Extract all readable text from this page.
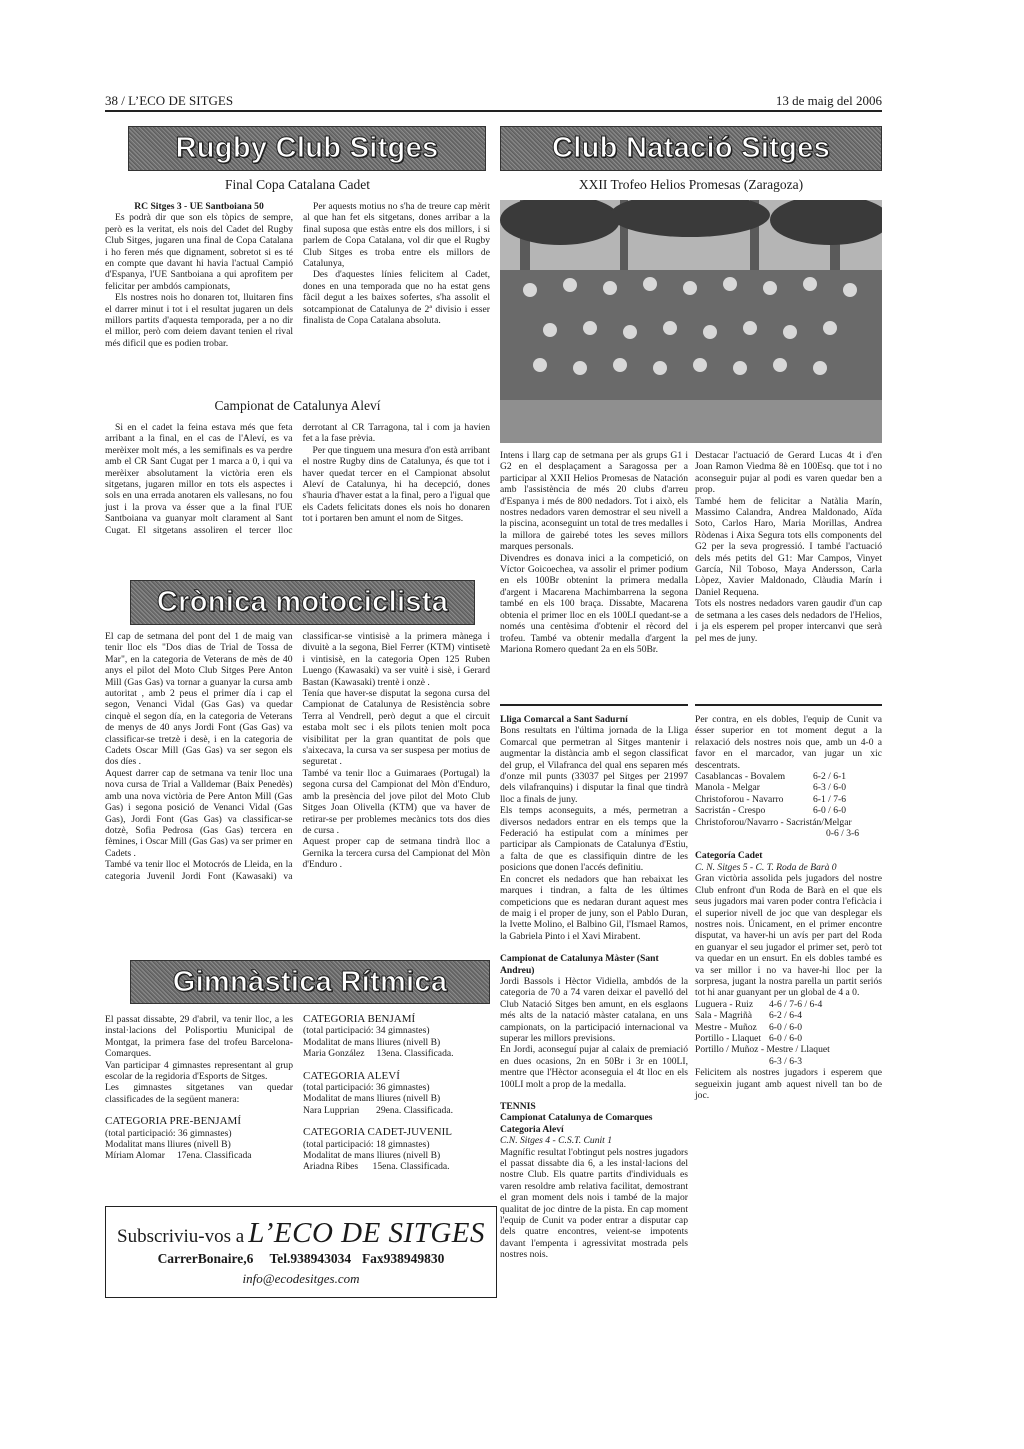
38 / L’ECO DE SITGES	13 de maig del 2006
Rugby Club Sitges
Final Copa Catalana Cadet

RC Sitges 3 - UE Santboiana 50

Es podrà dir que son els tòpics de sempre, però es la veritat, els nois del Cadet del Rugby Club Sitges, jugaren una final de Copa Catalana i ho feren més que dignament, sobretot si es té en compte que davant hi havia l'actual Campió d'Espanya, l'UE Santboiana a qui aprofitem per felicitar per ambdós campionats,

Els nostres nois ho donaren tot, lluitaren fins el darrer minut i tot i el resultat jugaren un dels millors partits d'aquesta temporada, per a no dir el millor, però com deiem davant tenien el rival més dificil que es podien trobar.

Per aquests motius no s'ha de treure cap mèrit al que han fet els sitgetans, dones arribar a la final suposa que estàs entre els dos millors, i si parlem de Copa Catalana, vol dir que el Rugby Club Sitges es troba entre els millors de Catalunya,

Des d'aquestes línies felicitem al Cadet, dones en una temporada que no ha estat gens fàcil degut a les baixes sofertes, s'ha assolit el sotcampionat de Catalunya de 2ª divisio i esser finalista de Copa Catalana absoluta.

Campionat de Catalunya Aleví

Si en el cadet la feina estava més que feta arribant a la final, en el cas de l'Aleví, es va merèixer molt més, a les semifinals es va perdre amb el CR Sant Cugat per 1 marca a 0, i qui va merèixer absolutament la victòria eren els sitgetans, jugaren millor en tots els aspectes i sols en una errada anotaren els vallesans, no fou just i la prova va ésser que a la final l'UE Santboiana va guanyar molt clarament al Sant Cugat. El sitgetans assoliren el tercer lloc derrotant al CR Tarragona, tal i com ja havien fet a la fase prèvia.

Per que tinguem una mesura d'on està arribant el nostre Rugby dins de Catalunya, és que tot i haver quedat tercer en el Campionat absolut Aleví de Catalunya, hi ha decepció, dones s'hauria d'haver estat a la final, pero a l'igual que els Cadets felicitats dones els nois ho donaren tot i portaren ben amunt el nom de Sitges.

Crònica motociclista

El cap de setmana del pont del 1 de maig van tenir lloc els "Dos dias de Trial de Tossa de Mar", en la categoria de Veterans de mès de 40 anys el pilot del Moto Club Sitges Pere Anton Mill (Gas Gas) va tornar a guanyar la cursa amb autoritat , amb 2 peus el primer día i cap el segon, Venanci Vidal (Gas Gas) va quedar cinquè el segon día, en la categoria de Veterans de menys de 40 anys Jordi Font (Gas Gas) va classificar-se tretzè i desè, i en la categoria de Cadets Oscar Mill (Gas Gas) va ser segon els dos díes .

Aquest darrer cap de setmana va tenir lloc una nova cursa de Trial a Valldemar (Baix Penedès) amb una nova victòria de Pere Anton Mill (Gas Gas) i segona posició de Venanci Vidal (Gas Gas), Jordi Font (Gas Gas) va classificar-se dotzè, Sofia Pedrosa (Gas Gas) tercera en fèmines, i Oscar Mill (Gas Gas) va ser primer en Cadets .

També va tenir lloc el Motocrós de Lleida, en la categoria Juvenil Jordi Font (Kawasaki) va classificar-se vintisisè a la primera mànega i divuitè a la segona, Biel Ferrer (KTM) vintisetè i vintisisè, en la categoria Open 125 Ruben Luengo (Kawasaki) va ser vuitè i sisè, i Gerard Bastan (Kawasaki) trentè i onzè .

Tenía que haver-se disputat la segona cursa del Campionat de Catalunya de Resistència sobre Terra al Vendrell, però degut a que el circuit estaba molt sec i els pilots tenien molt poca visibilitat per la gran quantitat de pols que s'aixecava, la cursa va ser suspesa per motius de seguretat .

També va tenir lloc a Guimaraes (Portugal) la segona cursa del Campionat del Mòn d'Enduro, amb la presència del jove pilot del Moto Club Sitges Joan Olivella (KTM) que va haver de retirar-se per problemes mecànics tots dos dies de cursa .

Aquest proper cap de setmana tindrà lloc a Gernika la tercera cursa del Campionat del Mòn d'Enduro .

Gimnàstica Rítmica

El passat dissabte, 29 d'abril, va tenir lloc, a les instal·lacions del Polisportiu Municipal de Montgat, la primera fase del trofeu Barcelona- Comarques.

Van participar 4 gimnastes representant al grup escolar de la regidoria d'Esports de Sitges.

Les gimnastes sitgetanes van quedar classificades de la següent manera:

CATEGORIA PRE-BENJAMÍ

(total participació: 36 gimnastes)

Modalitat mans lliures (nivell B)

Míriam Alomar 17ena. Classificada

CATEGORIA BENJAMÍ

(total participació: 34 gimnastes)

Modalitat de mans lliures (nivell B)

Maria González 13ena. Classificada.

CATEGORIA ALEVÍ

(total participació: 36 gimnastes)

Modalitat de mans lliures (nivell B)

Nara Lupprian 29ena. Classificada.

CATEGORIA CADET-JUVENIL

(total participació: 18 gimnastes)

Modalitat de mans lliures (nivell B)

Ariadna Ribes 15ena. Classificada.

Subscriviu-vos a L’ECO DE SITGES
CarrerBonaire,6 Tel.938943034 Fax938949830
info@ecodesitges.com
Club Natació Sitges
XXII Trofeo Helios Promesas (Zaragoza)

Intens i llarg cap de setmana per als grups G1 i G2 en el desplaçament a Saragossa per a participar al XXII Helios Promesas de Natación amb l'assistència de més 20 clubs d'arreu d'Espanya i més de 800 nedadors. Tot i això, els nostres nedadors varen demostrar el seu nivell a la piscina, aconseguint un total de tres medalles i la millora de gairebé totes les seves millors marques personals.

Divendres es donava inici a la competició, on Víctor Goicoechea, va assolir el primer podium en els 100Br obtenint la primera medalla d'argent i Macarena Machimbarrena la segona també en els 100 braça. Dissabte, Macarena obtenia el primer lloc en els 100LI quedant-se a només una centèsima d'obtenir el rècord del trofeu. També va obtenir medalla d'argent la Mariona Romero quedant 2a en els 50Br.

Destacar l'actuació de Gerard Lucas 4t i d'en Joan Ramon Viedma 8è en 100Esq. que tot i no aconseguir pujar al podi es varen quedar ben a prop.

També hem de felicitar a Natàlia Marín, Massimo Calandra, Andrea Maldonado, Aïda Soto, Carlos Haro, Maria Morillas, Andrea Ròdenas i Aixa Segura tots ells components del G2 per la seva progressió. I també l'actuació dels més petits del G1: Mar Campos, Vinyet García, Nil Toboso, Maya Andersson, Carla Lòpez, Xavier Maldonado, Clàudia Marín i Daniel Requena.

Tots els nostres nedadors varen gaudir d'un cap de setmana a les cases dels nedadors de l'Helios, i ja els esperem pel proper intercanvi que serà pel mes de juny.

Lliga Comarcal a Sant Sadurní

Bons resultats en l'última jornada de la Lliga Comarcal que permetran al Sitges mantenir i augmentar la distància amb el segon classificat del grup, el Vilafranca del qual ens separen més d'onze mil punts (33037 pel Sitges per 21997 dels vilafranquins) i disputar la final que tindrà lloc a finals de juny.

Els temps aconseguits, a més, permetran a diversos nedadors entrar en els temps que la Federació ha estipulat com a mínimes per participar als Campionats de Catalunya d'Estiu, a falta de que es classifiquin dintre de les posicions que donen l'accés definitiu.

En concret els nedadors que han rebaixat les marques i tindran, a falta de les últimes competicions que es nedaran durant aquest mes de maig i el proper de juny, son el Pablo Duran, la Ivette Molino, el Balbino Gil, l'Ismael Ramos, la Gabriela Pinto i el Xavi Mirabent.

Campionat de Catalunya Màster (Sant Andreu)

Jordi Bassols i Hèctor Vidiella, ambdós de la categoria de 70 a 74 varen deixar el pavelló del Club Natació Sitges ben amunt, en els esglaons més alts de la natació màster catalana, en uns campionats, on la participació internacional va superar les millors previsions.

En Jordi, aconseguí pujar al calaix de premiació en dues ocasions, 2n en 50Br i 3r en 100LI, mentre que l'Hèctor aconseguia el 4t lloc en els 100LI molt a prop de la medalla.

TENNIS

Campionat Catalunya de Comarques

Categoria Aleví

C.N. Sitges 4 - C.S.T. Cunit 1

Magnífic resultat l'obtingut pels nostres jugadors el passat dissabte dia 6, a les instal·lacions del nostre Club. Els quatre partits d'individuals es varen resoldre amb relativa facilitat, demostrant el gran moment dels nois i també de la major qualitat de joc dintre de la pista. En cap moment l'equip de Cunit va poder entrar a disputar cap dels quatre encontres, veient-se impotents davant l'empenta i agressivitat mostrada pels nostres nois.

Per contra, en els dobles, l'equip de Cunit va ésser superior en tot moment degut a la relaxació dels nostres nois que, amb un 4-0 a favor en el marcador, van jugar un xic descentrats.

Casablancas - Bovalem	6-2 / 6-1
Manola - Melgar	6-3 / 6-0
Christoforou - Navarro	6-1 / 7-6
Sacristán - Crespo	6-0 / 6-0
Christoforou/Navarro - Sacristán/Melgar
0-6 / 3-6

Categoría Cadet

C. N. Sitges 5 - C. T. Roda de Barà 0

Gran victòria assolida pels jugadors del nostre Club enfront d'un Roda de Barà en el que els seus jugadors mai varen poder contra l'eficàcia i el superior nivell de joc que van desplegar els nostres nois. Únicament, en el primer encontre disputat, va haver-hi un avís per part del Roda en guanyar el seu jugador el primer set, però tot va quedar en un ensurt. En els dobles també es va ser millor i no va haver-hi lloc per la sorpresa, jugant la nostra parella un partit seriós tot hi anar guanyant per un global de 4 a 0.

Luguera - Ruiz	4-6 / 7-6 / 6-4
Sala - Magriñà	6-2 / 6-4
Mestre - Muñoz	6-0 / 6-0
Portillo - Llaquet 6-0 / 6-0
Portillo / Muñoz - Mestre / Llaquet
6-3 / 6-3

Felicitem als nostres jugadors i esperem que segueixin jugant amb aquest nivell tan bo de joc.
